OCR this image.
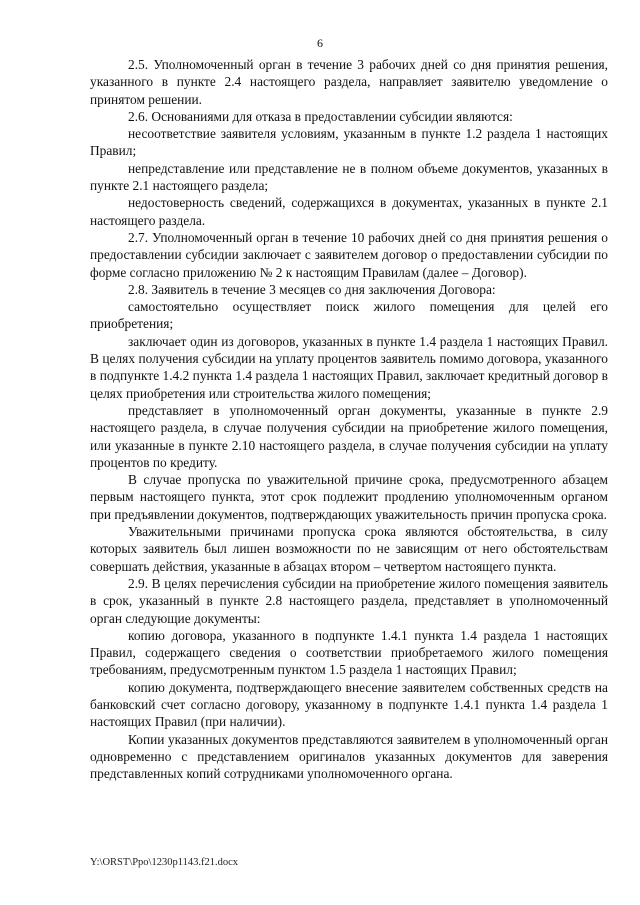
6

2.5. Уполномоченный орган в течение 3 рабочих дней со дня принятия решения, указанного в пункте 2.4 настоящего раздела, направляет заявителю уведомление о принятом решении.

2.6. Основаниями для отказа в предоставлении субсидии являются:

несоответствие заявителя условиям, указанным в пункте 1.2 раздела 1 настоящих Правил;

непредставление или представление не в полном объеме документов, указанных в пункте 2.1 настоящего раздела;

недостоверность сведений, содержащихся в документах, указанных в пункте 2.1 настоящего раздела.

2.7. Уполномоченный орган в течение 10 рабочих дней со дня принятия решения о предоставлении субсидии заключает с заявителем договор о предоставлении субсидии по форме согласно приложению № 2 к настоящим Правилам (далее – Договор).

2.8. Заявитель в течение 3 месяцев со дня заключения Договора:

самостоятельно осуществляет поиск жилого помещения для целей его приобретения;

заключает один из договоров, указанных в пункте 1.4 раздела 1 настоящих Правил. В целях получения субсидии на уплату процентов заявитель помимо договора, указанного в подпункте 1.4.2 пункта 1.4 раздела 1 настоящих Правил, заключает кредитный договор в целях приобретения или строительства жилого помещения;

представляет в уполномоченный орган документы, указанные в пункте 2.9 настоящего раздела, в случае получения субсидии на приобретение жилого помещения, или указанные в пункте 2.10 настоящего раздела, в случае получения субсидии на уплату процентов по кредиту.

В случае пропуска по уважительной причине срока, предусмотренного абзацем первым настоящего пункта, этот срок подлежит продлению уполномоченным органом при предъявлении документов, подтверждающих уважительность причин пропуска срока.

Уважительными причинами пропуска срока являются обстоятельства, в силу которых заявитель был лишен возможности по не зависящим от него обстоятельствам совершать действия, указанные в абзацах втором – четвертом настоящего пункта.

2.9. В целях перечисления субсидии на приобретение жилого помещения заявитель в срок, указанный в пункте 2.8 настоящего раздела, представляет в уполномоченный орган следующие документы:

копию договора, указанного в подпункте 1.4.1 пункта 1.4 раздела 1 настоящих Правил, содержащего сведения о соответствии приобретаемого жилого помещения требованиям, предусмотренным пунктом 1.5 раздела 1 настоящих Правил;

копию документа, подтверждающего внесение заявителем собственных средств на банковский счет согласно договору, указанному в подпункте 1.4.1 пункта 1.4 раздела 1 настоящих Правил (при наличии).

Копии указанных документов представляются заявителем в уполномоченный орган одновременно с представлением оригиналов указанных документов для заверения представленных копий сотрудниками уполномоченного органа.

Y:\ORST\Ppo\1230p1143.f21.docx
